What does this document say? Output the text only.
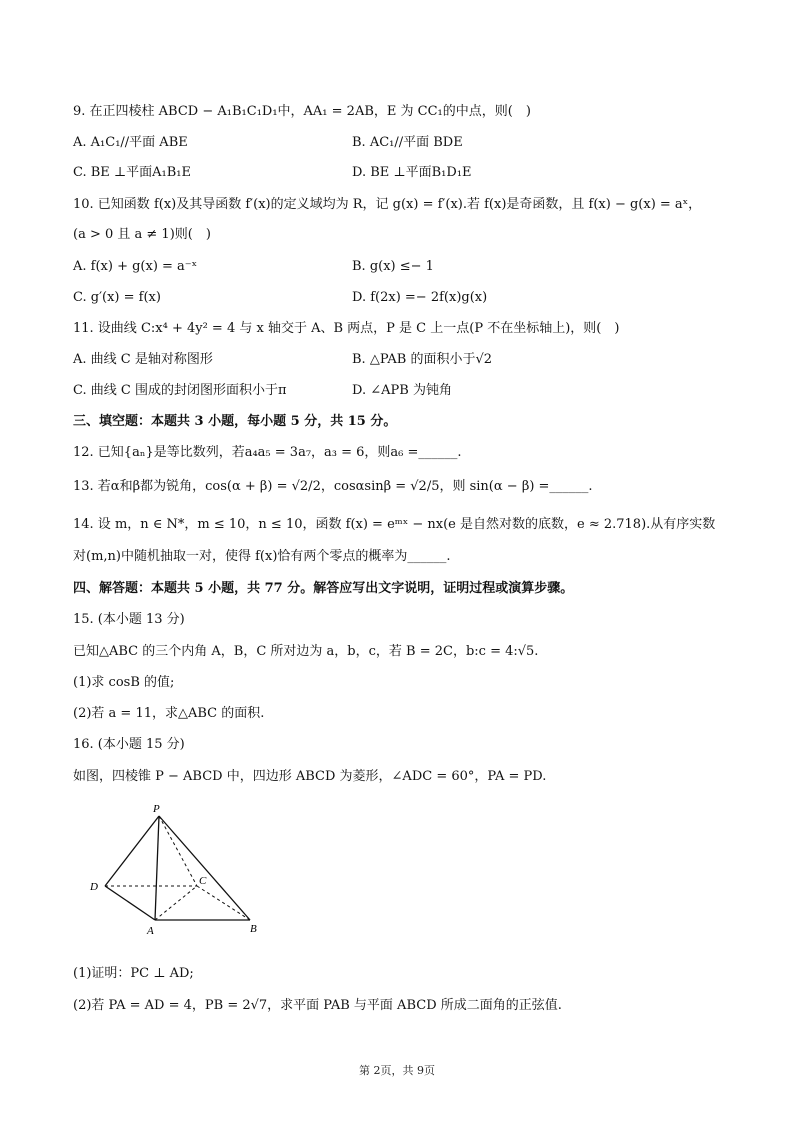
9. 在正四棱柱 ABCD − A₁B₁C₁D₁中，AA₁ = 2AB，E 为 CC₁的中点，则(　)
A. A₁C₁//平面 ABE	B. AC₁//平面 BDE
C. BE ⊥平面A₁B₁E	D. BE ⊥平面B₁D₁E
10. 已知函数 f(x)及其导函数 f′(x)的定义域均为 R，记 g(x) = f′(x).若 f(x)是奇函数，且 f(x) − g(x) = aˣ，
(a > 0 且 a ≠ 1)则(　)
A. f(x) + g(x) = a⁻ˣ	B. g(x) ≤− 1
C. g′(x) = f(x)	D. f(2x) =− 2f(x)g(x)
11. 设曲线 C:x⁴ + 4y² = 4 与 x 轴交于 A、B 两点，P 是 C 上一点(P 不在坐标轴上)，则(　)
A. 曲线 C 是轴对称图形	B. △PAB 的面积小于√2
C. 曲线 C 围成的封闭图形面积小于π	D. ∠APB 为钝角
三、填空题：本题共 3 小题，每小题 5 分，共 15 分。
12. 已知{aₙ}是等比数列，若a₄a₅ = 3a₇，a₃ = 6，则a₆ =______.
13. 若α和β都为锐角，cos(α + β) = √2/2，cosαsinβ = √2/5，则 sin(α − β) =______.
14. 设 m，n ∈ N*，m ≤ 10，n ≤ 10，函数 f(x) = eᵐˣ − nx(e 是自然对数的底数，e ≈ 2.718).从有序实数
对(m,n)中随机抽取一对，使得 f(x)恰有两个零点的概率为______.
四、解答题：本题共 5 小题，共 77 分。解答应写出文字说明，证明过程或演算步骤。
15. (本小题 13 分)
已知△ABC 的三个内角 A，B，C 所对边为 a，b，c，若 B = 2C，b:c = 4:√5.
(1)求 cosB 的值;
(2)若 a = 11，求△ABC 的面积.
16. (本小题 15 分)
如图，四棱锥 P − ABCD 中，四边形 ABCD 为菱形，∠ADC = 60°，PA = PD.
P
D	C
A	B
(1)证明：PC ⊥ AD;
(2)若 PA = AD = 4，PB = 2√7，求平面 PAB 与平面 ABCD 所成二面角的正弦值.
第 2页，共 9页
